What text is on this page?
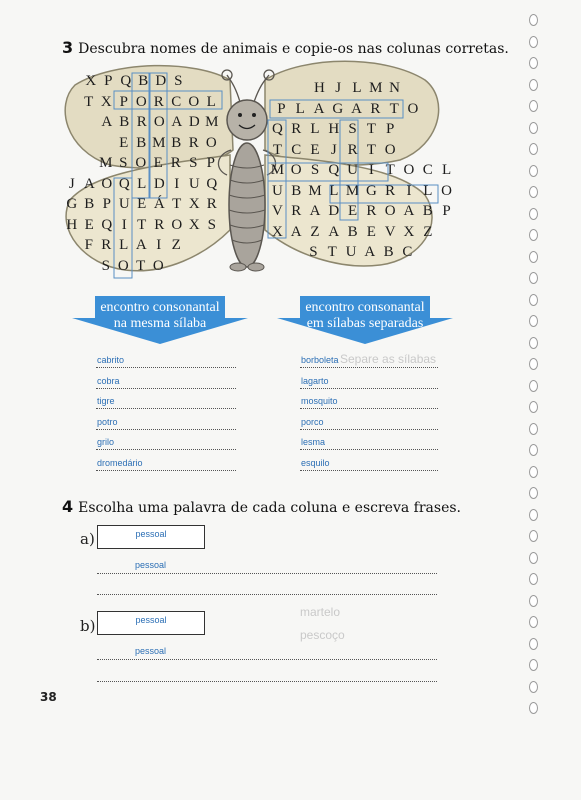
Separe as sílabas
martelo
pescoço
3 Descubra nomes de animais e copie-os nas colunas corretas.
X P Q B D S
T X P O R C O L
A B R O A D M
E B M B R O
M S O E R S P
J A O Q L D I U Q
G B P U E Á T X R
H E Q I T R O X S
F R L A I Z
S O T O
H J L M N
P L A G A R T O
Q R L H S T P
T C E J R T O
M O S Q U I T O C L
U B M L M G R I L O
V R A D E R O A B P
X A Z A B E V X Z
S T U A B C
encontro consonantal
na mesma sílaba
encontro consonantal
em sílabas separadas
cabrito
cobra
tigre
potro
grilo
dromedário
borboleta
lagarto
mosquito
porco
lesma
esquilo
4 Escolha uma palavra de cada coluna e escreva frases.
a)	pessoal
pessoal
b)	pessoal
pessoal
38
